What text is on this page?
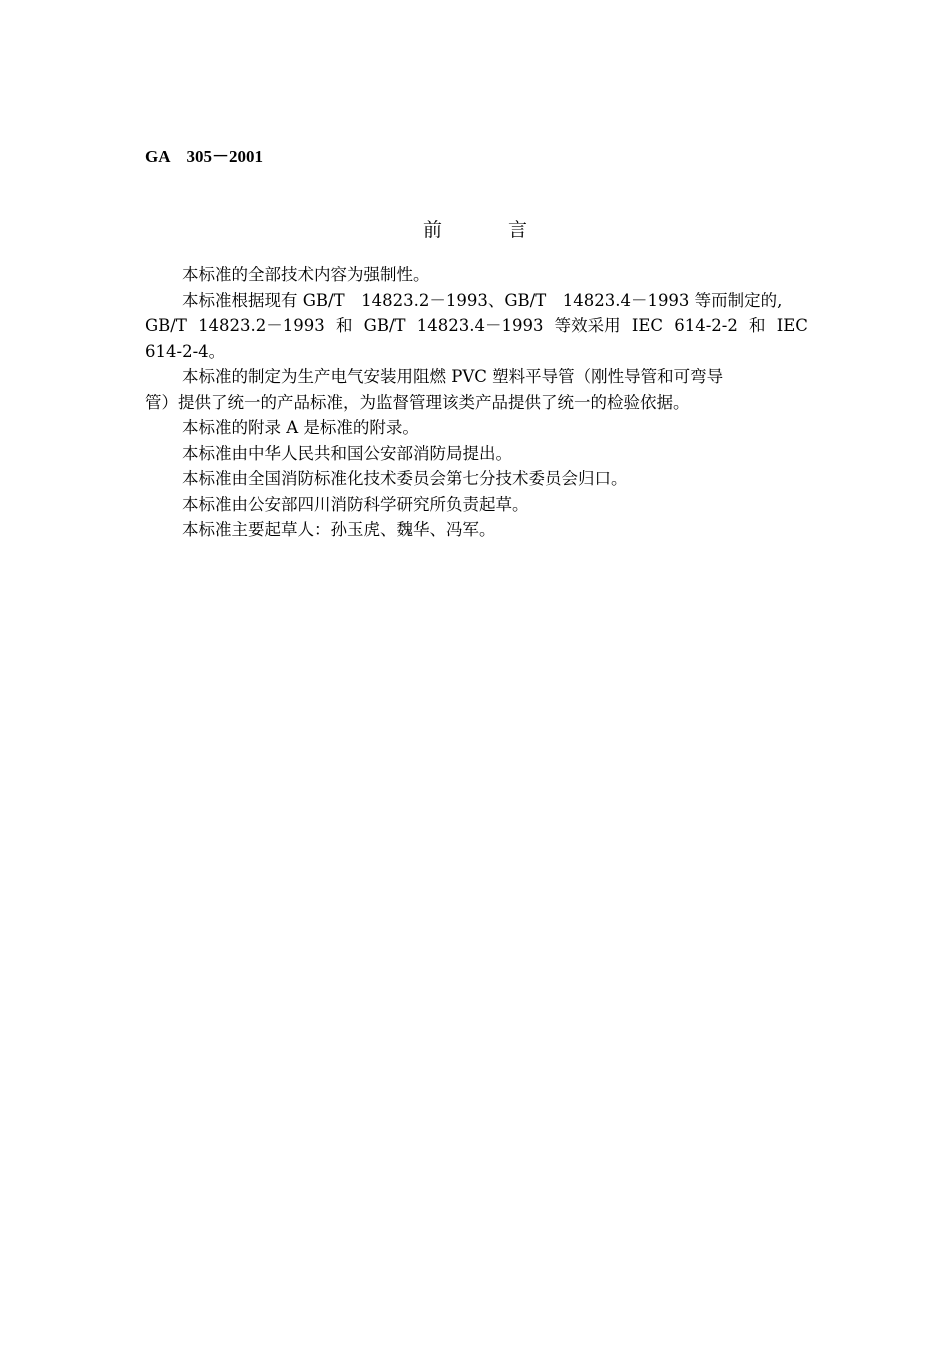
GA　305－2001
前	言

本标准的全部技术内容为强制性。

本标准根据现有 GB/T　14823.2－1993、GB/T　14823.4－1993 等而制定的,
GB/T 14823.2－1993 和 GB/T 14823.4－1993 等效采用 IEC 614-2-2 和 IEC
614-2-4。
本标准的制定为生产电气安装用阻燃 PVC 塑料平导管（刚性导管和可弯导
管）提供了统一的产品标准，为监督管理该类产品提供了统一的检验依据。

本标准的附录 A 是标准的附录。

本标准由中华人民共和国公安部消防局提出。

本标准由全国消防标准化技术委员会第七分技术委员会归口。

本标准由公安部四川消防科学研究所负责起草。

本标准主要起草人：孙玉虎、魏华、冯军。
